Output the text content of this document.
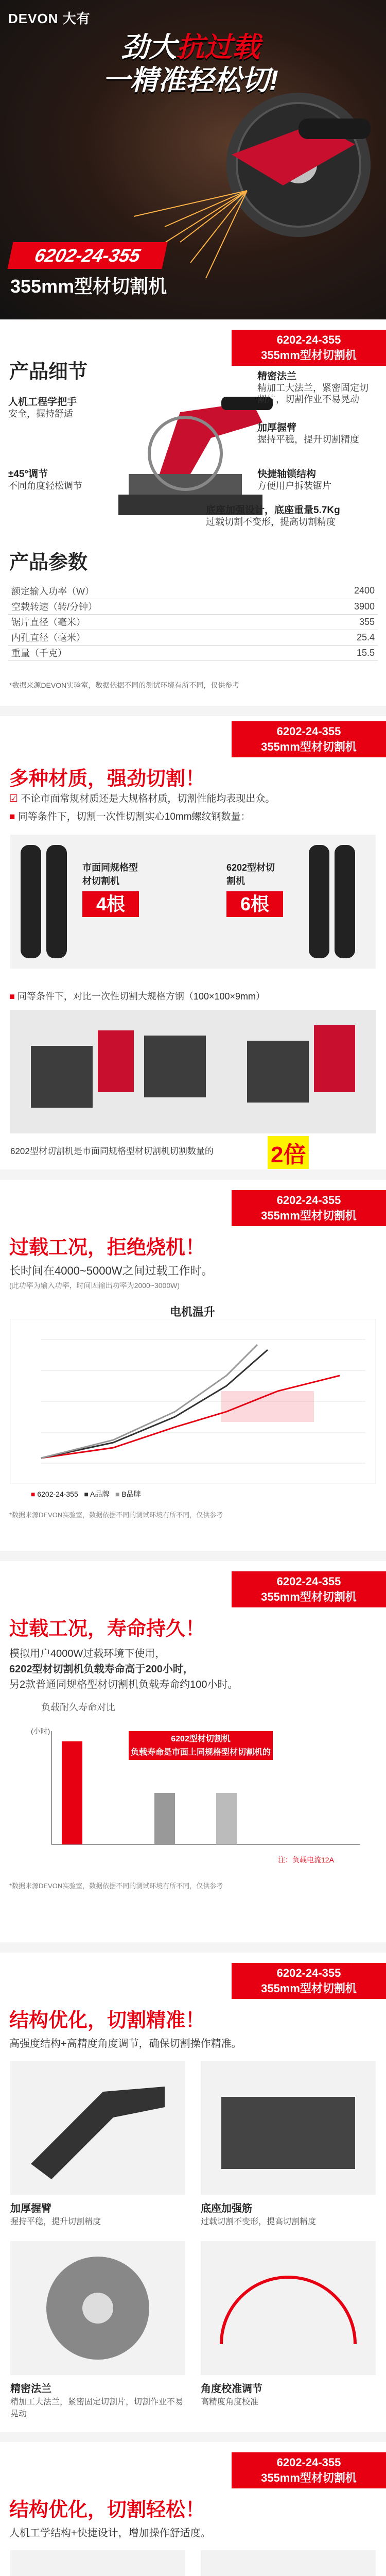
DEVON 大有
劲大抗过载
一精准轻松切!
6202-24-355
355mm型材切割机
6202-24-355
355mm型材切割机
产品细节
人机工程学把手
安全，握持舒适
精密法兰
精加工大法兰，紧密固定切割片，切割作业不易晃动
加厚握臂
握持平稳，提升切割精度
±45°调节
不同角度轻松调节
快捷轴锁结构
方便用户拆装锯片
底座加强设计，底座重量5.7Kg
过载切割不变形，提高切割精度
产品参数
额定输入功率（W）	2400
空载转速（转/分钟）	3900
锯片直径（毫米）	355
内孔直径（毫米）	25.4
重量（千克）	15.5
*数据来源DEVON实验室，数据依据不同的测试环境有所不同，仅供参考
6202-24-355
355mm型材切割机
多种材质，强劲切割！
☑ 不论市面常规材质还是大规格材质，切割性能均表现出众。
■ 同等条件下，切割一次性切割实心10mm螺纹钢数量：
市面同规格型材切割机
4根
6202型材切割机
6根
■ 同等条件下，对比一次性切割大规格方钢（100×100×9mm）
6202型材切割机是市面同规格型材切割机切割数量的	2倍
6202-24-355
355mm型材切割机
过载工况，拒绝烧机！
长时间在4000~5000W之间过载工作时。
(此功率为输入功率，时间因输出功率为2000~3000W)
电机温升
■ 6202-24-355 ■ A品牌 ■ B品牌
*数据来源DEVON实验室，数据依据不同的测试环境有所不同，仅供参考
6202-24-355
355mm型材切割机
过载工况，寿命持久！
模拟用户4000W过载环境下使用，
6202型材切割机负载寿命高于200小时，
另2款普通同规格型材切割机负载寿命约100小时。
负载耐久寿命对比
(小时)
6202型材切割机
负载寿命是市面上同规格型材切割机的2倍以上
注：负载电流12A
*数据来源DEVON实验室，数据依据不同的测试环境有所不同，仅供参考
6202-24-355
355mm型材切割机
结构优化，切割精准！
高强度结构+高精度角度调节，确保切割操作精准。
加厚握臂
握持平稳，提升切割精度
底座加强筋
过载切割不变形，提高切割精度
精密法兰
精加工大法兰，紧密固定切割片，切割作业不易晃动
角度校准调节
高精度角度校准
6202-24-355
355mm型材切割机
结构优化，切割轻松！
人机工学结构+快捷设计，增加操作舒适度。
